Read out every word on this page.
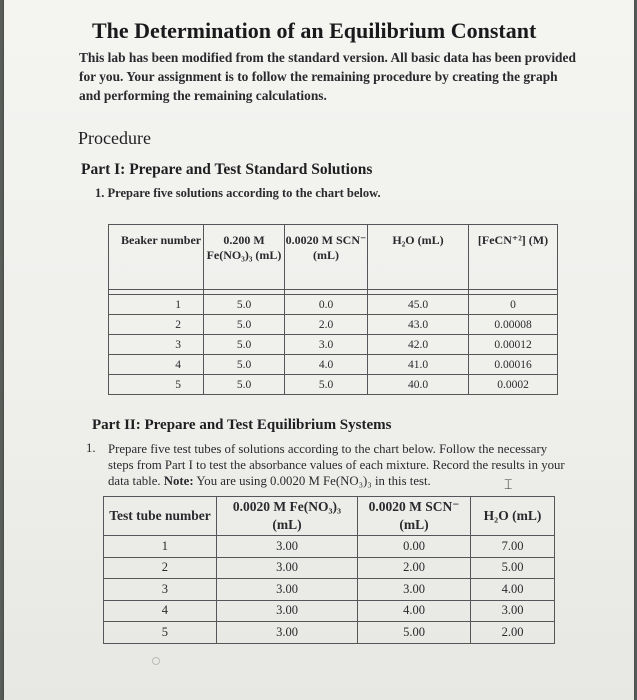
The Determination of an Equilibrium Constant
This lab has been modified from the standard version. All basic data has been provided for you. Your assignment is to follow the remaining procedure by creating the graph and performing the remaining calculations.
Procedure
Part I: Prepare and Test Standard Solutions
1. Prepare five solutions according to the chart below.
Beaker number	0.200 M Fe(NO₃)₃ (mL)	0.0020 M SCN⁻ (mL)	H₂O (mL)	[FeCN⁺²] (M)

1	5.0	0.0	45.0	0
2	5.0	2.0	43.0	0.00008
3	5.0	3.0	42.0	0.00012
4	5.0	4.0	41.0	0.00016
5	5.0	5.0	40.0	0.0002
Part II: Prepare and Test Equilibrium Systems
1. Prepare five test tubes of solutions according to the chart below. Follow the necessary steps from Part I to test the absorbance values of each mixture. Record the results in your data table. Note: You are using 0.0020 M Fe(NO₃)₃ in this test.	⌶
Test tube number	0.0020 M Fe(NO₃)₃ (mL)	0.0020 M SCN⁻ (mL)	H₂O (mL)
1	3.00	0.00	7.00
2	3.00	2.00	5.00
3	3.00	3.00	4.00
4	3.00	4.00	3.00
5	3.00	5.00	2.00
